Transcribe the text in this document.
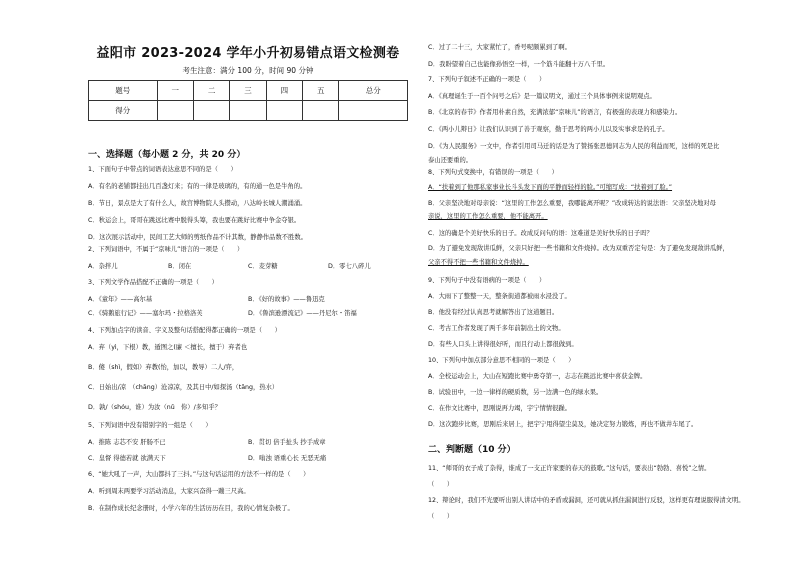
益阳市 2023-2024 学年小升初易错点语文检测卷
考生注意：满分 100 分，时间 90 分钟
题号	一	二	三	四	五	总分
得分						
一、选择题（每小题 2 分，共 20 分）
1、下面句子中带点的词语表达意思不同的是（　　）
A．有名的老铺都挂出几百盏灯来；有的一律是玻璃的，有的通一色是牛角的。
B．节日，景点是大了有什么人，故宫博物院人头攒动，八达岭长城人潮涌涌。
C．秋运会上，哥哥在跳远比赛中脱得头筹，我也要在跳好比赛中争金夺银。
D．这次展示活动中，民间工艺大师的剪纸作品不计其数，静静作品数不胜数。
2、下列词语中，不属于“京味儿”语言的一项是（　　）
A．杂拌儿	B．闭在	C．麦芽糖	D．零七八碎儿
3、下列文学作品搭配不正确的一项是（　　）
A．《童年》——高尔基	B．《好的故事》——鲁迅克
C．《骑鹅旅行记》——塞尔玛・拉格洛芙	D．《鲁滨逊漂流记》——丹尼尔・笛福
4、下列加点字的读音、字义及整句话搭配得都正确的一项是（　　）
A．弃（yì，下根）教，遁图之(廉 ＜擅长，擅于）弃者也
B．傻（shì，假如）弃教(怡，加以，教导）二人/弈，
C．日始出/凉　（chāng）沧凉凉，及其日中/如探汤（tāng，热水）
D．孰/（shóu，谁）为汝（nǔ　你）/多知乎？
5、下列词语中没有错别字的一组是（　　）
A．推陈 志芯不安 肝肠不已	B．贯切 倍手扯头 抄手成章
C．皇督 得德若就 欲满天下	D．嗡浊 语重心长 无恶无痛
6、“她大吼了一声，大山都抖了三抖。”与这句话运用的方法不一样的是（　　）
A．听到周末两要学习活动消息，大家兴奋得一蹦三尺高。
B．在制作成长纪念册时，小学六年的生活历历在目，我的心情复杂极了。
C．过了二十三，大家紧忙了，香号呢颇累到了啊。
D．我盼望着自己也能像孙悟空一样，一个筋斗能翻十万八千里。
7、下列句子叙述不正确的一项是（　　）
A．《真理诞生于一百个问号之后》是一篇议明文，通过三个具体事例来说明观点。
B．《北京的春节》作者用朴素自然，充满浓郁“京味儿”的语言，有极强的表现力和感染力。
C．《两小儿辩日》让我们认识到了善于观察，勤于思考的两小儿以及实事求是的孔子。
D．《为人民服务》一文中，作者引用司马迁的话是为了赞扬张思德同志为人民的利益而死，这样的死是比
泰山还要重的。
8、下列句式变换中，有错误的一项是（　　）
A．“扶着到了他那私家事业长斗头发下面的平静而轻样的脸。”可缩写成：“扶着到了脸。”
B．父亲坚决地对母亲说：“这里的工作怎么重要，我哪能离开呢？”改成转达的说法语：父亲坚决地对母
亲说，这里的工作怎么重要，他不能离开。
C．这的确是个美好快乐的日子。改成反问句的语：这难道是美好快乐的日子吗？
D．为了避免发现敌讲瓜鲜，父亲只好把一些书籍和文件烧掉。改为双重否定句是：为了避免发现敌讲瓜鲜，
父亲不得不把一些书籍和文件烧掉。
9、下列句子中没有语病的一项是（　　）
A．大雨下了整整一天，整条街道都被雨水浸没了。
B．他没有经过认真思考就解答出了这道题目。
C．考古工作者发现了两千多年前制出土的文物。
D．有些人口头上讲得很好听，而且行动上都很做到。
10、下列句中加点部分意思不相同的一项是（　　）
A．全校运动会上，大山在短跑比赛中勇夺第一，志志在跳远比赛中喜获金牌。
B．试验田中，一边一律样的硬质数，另一边满一色的绿水果。
C．在作文比赛中，思刚说再力竭，宇宁情情很躁。
D．这次跑步比赛，思刚后来居上，把宇宁甩得望尘莫及，她决定努力锻炼，再也不做井车尾了。
二、判断题（10 分）
11、“师哥的衣子成了杂得，谁成了一支正许家要的春天的鼓歌。”这句话，要表出“勃勃、喜悦”之情。
（　　）
12、辩论时，我们不光要听出别人讲话中的矛盾或漏洞，还可就从抓住漏洞进行反驳，这样更有理说服得清文明。
（　　）
